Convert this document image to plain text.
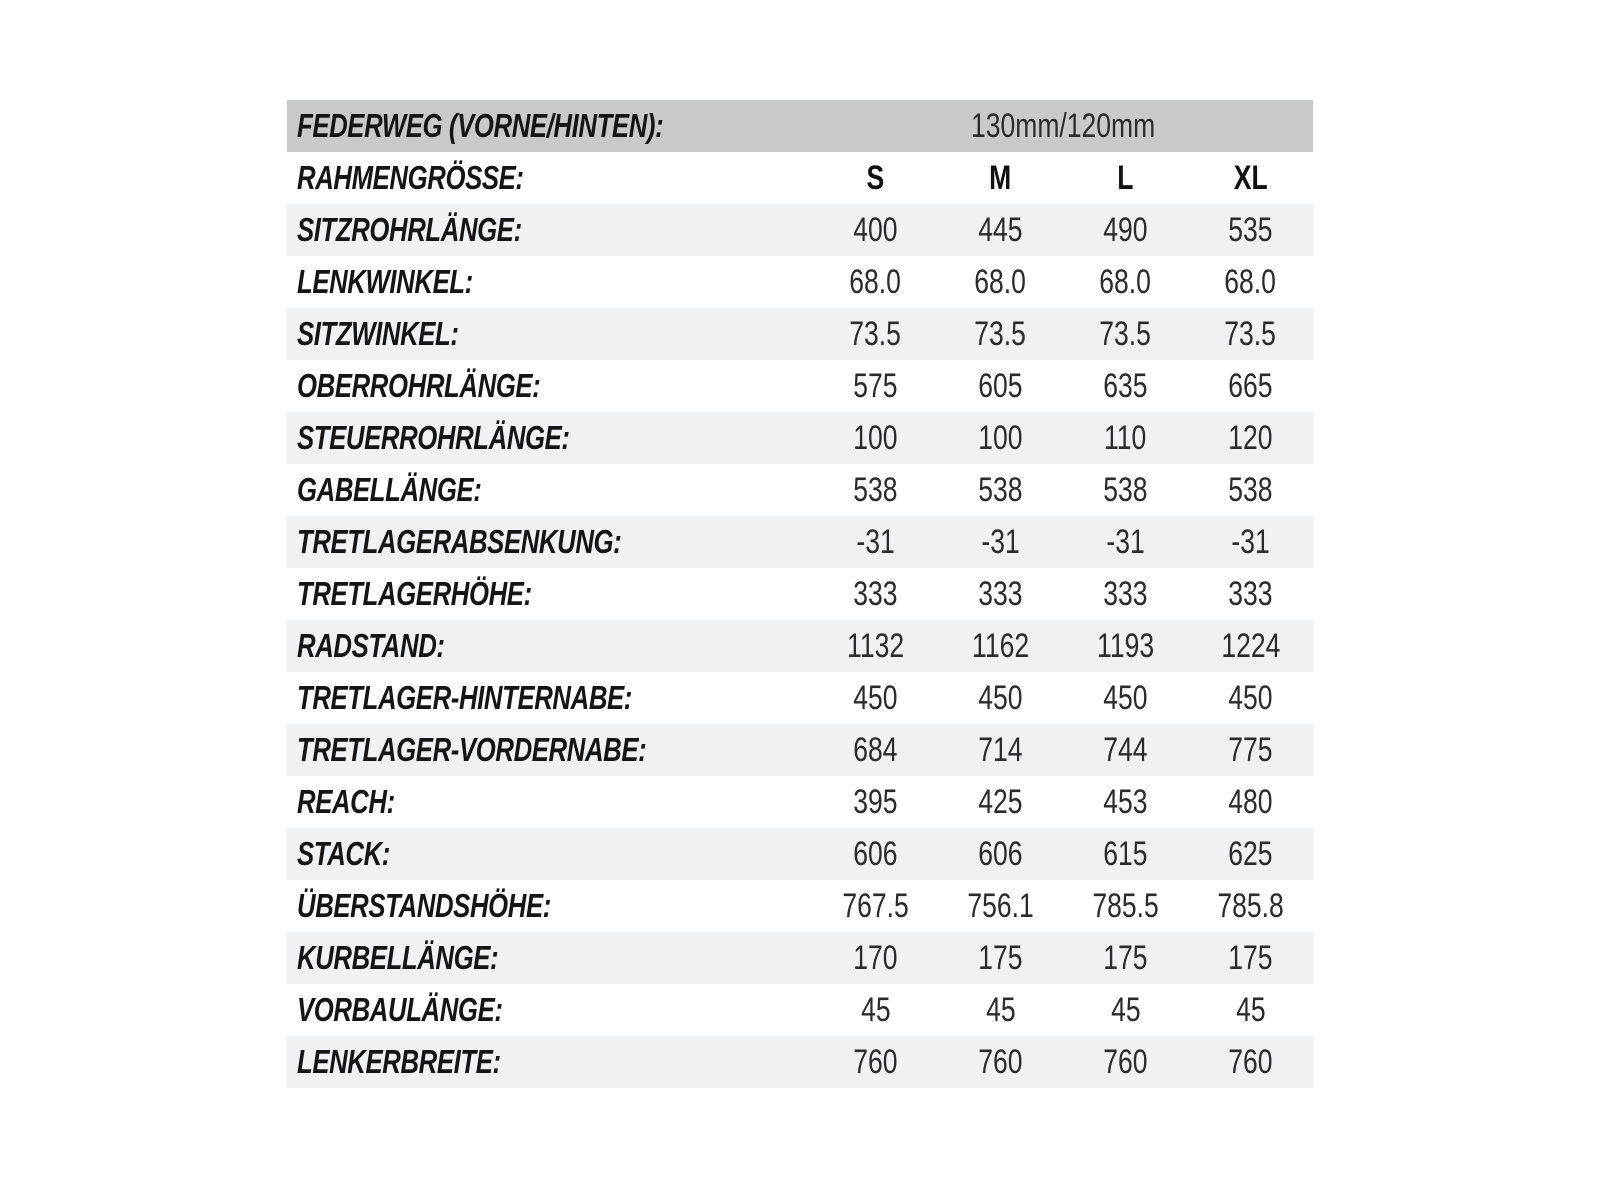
FEDERWEG (VORNE/HINTEN):	130mm/120mm
RAHMENGRÖSSE:	S	M	L	XL
SITZROHRLÄNGE:	400 445 490 535
LENKWINKEL:	68.0 68.0 68.0 68.0
SITZWINKEL:	73.5 73.5 73.5 73.5
OBERROHRLÄNGE:	575 605 635 665
STEUERROHRLÄNGE:	100 100 110 120
GABELLÄNGE:	538 538 538 538
TRETLAGERABSENKUNG:	-31	-31	-31	-31
TRETLAGERHÖHE:	333 333 333 333
RADSTAND:	1132 1162 1193 1224
TRETLAGER-HINTERNABE:	450 450 450 450
TRETLAGER-VORDERNABE:	684 714 744 775
REACH:	395 425 453 480
STACK:	606 606 615 625
ÜBERSTANDSHÖHE:	767.5 756.1 785.5 785.8
KURBELLÄNGE:	170 175 175 175
VORBAULÄNGE:	45	45	45	45
LENKERBREITE:	760 760 760 760
